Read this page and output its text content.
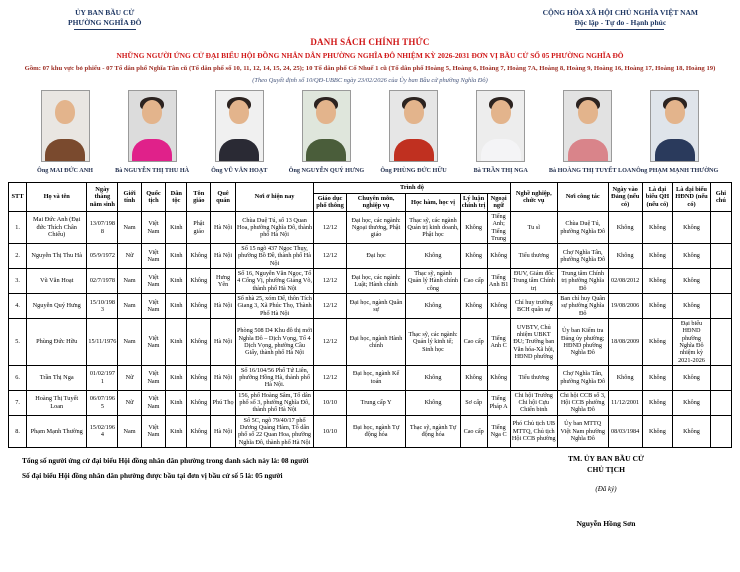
ỦY BAN BẦU CỬ
PHƯỜNG NGHĨA ĐÔ
CỘNG HÒA XÃ HỘI CHỦ NGHĨA VIỆT NAM
Độc lập - Tự do - Hạnh phúc
DANH SÁCH CHÍNH THỨC
NHỮNG NGƯỜI ỨNG CỬ ĐẠI BIỂU HỘI ĐỒNG NHÂN DÂN PHƯỜNG NGHĨA ĐÔ NHIỆM KỲ 2026-2031 ĐƠN VỊ BẦU CỬ SỐ 05 PHƯỜNG NGHĨA ĐÔ
Gồm: 07 khu vực bỏ phiếu - 07 Tổ dân phố Nghĩa Tân cũ (Tổ dân phố số 10, 11, 12, 14, 15, 24, 25); 10 Tổ dân phố Cổ Nhuế 1 cũ (Tổ dân phố Hoàng 5, Hoàng 6, Hoàng 7, Hoàng 7A, Hoàng 8, Hoàng 9, Hoàng 16, Hoàng 17, Hoàng 18, Hoàng 19)
(Theo Quyết định số 10/QĐ-UBBC ngày 23/02/2026 của Ủy ban Bầu cử phường Nghĩa Đô)
Ông MAI ĐỨC ANH	Bà NGUYỄN THỊ THU HÀ	Ông VŨ VĂN HOẠT	Ông NGUYỄN QUÝ HƯNG	Ông PHÙNG ĐỨC HỮU	Bà TRẦN THỊ NGA	Bà HOÀNG THỊ TUYẾT LOAN Ông PHẠM MẠNH THƯỜNG
STT	Họ và tên	Ngày tháng năm sinh	Giới tính	Quốc tịch	Dân tộc	Tôn giáo	Quê quán	Nơi ở hiện nay	Trình độ					Nghề nghiệp, chức vụ	Nơi công tác	Ngày vào Đảng (nếu có)	Là đại biểu QH (nếu có)	Là đại biểu HĐND (nếu có)	Ghi chú
									Giáo dục phổ thông	Chuyên môn, nghiệp vụ	Học hàm, học vị	Lý luận chính trị	Ngoại ngữ						
1.	Mai Đức Anh (Đại đức Thích Chân Chiếu)	13/07/1988	Nam	Việt Nam	Kinh	Phật giáo	Hà Nội	Chùa Duệ Tú, số 13 Quan Hoa, phường Nghĩa Đô, thành phố Hà Nội	12/12	Đại học, các ngành: Ngoại thương, Phật giáo	Thạc sỹ, các ngành Quản trị kinh doanh, Phật học	Không	Tiếng Anh; Tiếng Trung	Tu sĩ	Chùa Duệ Tú, phường Nghĩa Đô	Không	Không	Không	
2.	Nguyễn Thị Thu Hà	05/9/1972	Nữ	Việt Nam	Kinh	Không	Hà Nội	Số 15 ngõ 437 Ngọc Thụy, phường Bồ Đề, thành phố Hà Nội	12/12	Đại học	Không	Không	Không	Tiểu thương	Chợ Nghĩa Tân, phường Nghĩa Đô	Không	Không	Không	
3.	Vũ Văn Hoạt	02/7/1978	Nam	Việt Nam	Kinh	Không	Hưng Yên	Số 16, Nguyễn Văn Ngọc, Tổ 4 Cống Vị, phường Giảng Võ, thành phố Hà Nội	12/12	Đại học, các ngành: Luật; Hành chính	Thạc sỹ, ngành Quản lý Hành chính công	Cao cấp	Tiếng Anh B1	ĐUV, Giám đốc Trung tâm Chính trị	Trung tâm Chính trị phường Nghĩa Đô	02/08/2012	Không	Không	
4.	Nguyễn Quý Hưng	15/10/1983	Nam	Việt Nam	Kinh	Không	Hà Nội	Số nhà 25, xóm Dế, thôn Tích Giang 3, Xã Phúc Thọ, Thành Phố Hà Nội	12/12	Đại học, ngành Quân sự	Không	Không	Không	Chỉ huy trưởng BCH quân sự	Ban chỉ huy Quân sự phường Nghĩa Đô	19/08/2006	Không	Không	
5.	Phùng Đức Hữu	15/11/1976	Nam	Việt Nam	Kinh	Không	Hà Nội	Phòng 508 D4 Khu đô thị mới Nghĩa Đô – Dịch Vọng, Tổ 4 Dịch Vọng, phường Cầu Giấy, thành phố Hà Nội	12/12	Đại học, ngành Hành chính	Thạc sỹ, các ngành: Quản lý kinh tế; Sinh học	Cao cấp	Tiếng Anh C	UVBTV, Chủ nhiệm UBKT ĐU; Trưởng ban Văn hóa-Xã hội, HĐND phường	Ủy ban Kiểm tra Đảng ủy phường; HĐND phường Nghĩa Đô	18/08/2009	Không	Đại biểu HĐND phường Nghĩa Đô nhiệm kỳ 2021-2026	
6.	Trần Thị Nga	01/02/1971	Nữ	Việt Nam	Kinh	Không	Hà Nội	Số 16/104/56 Phố Tứ Liên, phường Hồng Hà, thành phố Hà Nội.	12/12	Đại học, ngành Kế toán	Không	Không	Không	Tiểu thương	Chợ Nghĩa Tân, phường Nghĩa Đô	Không	Không	Không	
7.	Hoàng Thị Tuyết Loan	06/07/1965	Nữ	Việt Nam	Kinh	Không	Phú Thọ	156, phố Hoàng Sâm, Tổ dân phố số 3, phường Nghĩa Đô, thành phố Hà Nội	10/10	Trung cấp Y	Không	Sơ cấp	Tiếng Pháp A	Chi hội Trưởng Chi hội Cựu Chiến binh	Chi hội CCB số 3, Hội CCB phường Nghĩa Đô	11/12/2001	Không	Không	
8.	Phạm Mạnh Thường	15/02/1964	Nam	Việt Nam	Kinh	Không	Hà Nội	Số 5C, ngõ 79/40/17 phố Dương Quảng Hàm, Tổ dân phố số 22 Quan Hoa, phường Nghĩa Đô, thành phố Hà Nội	10/10	Đại học, ngành Tự động hóa	Thạc sỹ, ngành Tự động hóa	Cao cấp	Tiếng Nga C	Phó Chủ tịch UB MTTQ, Chủ tịch Hội CCB phường	Ủy ban MTTQ Việt Nam phường Nghĩa Đô	08/03/1984	Không	Không	
Tổng số người ứng cử đại biểu Hội đồng nhân dân phường trong danh sách này là: 08 người
Số đại biểu Hội đồng nhân dân phường được bầu tại đơn vị bầu cử số 5 là: 05 người
TM. ỦY BAN BẦU CỬ
CHỦ TỊCH
(Đã ký)
Nguyễn Hồng Sơn
